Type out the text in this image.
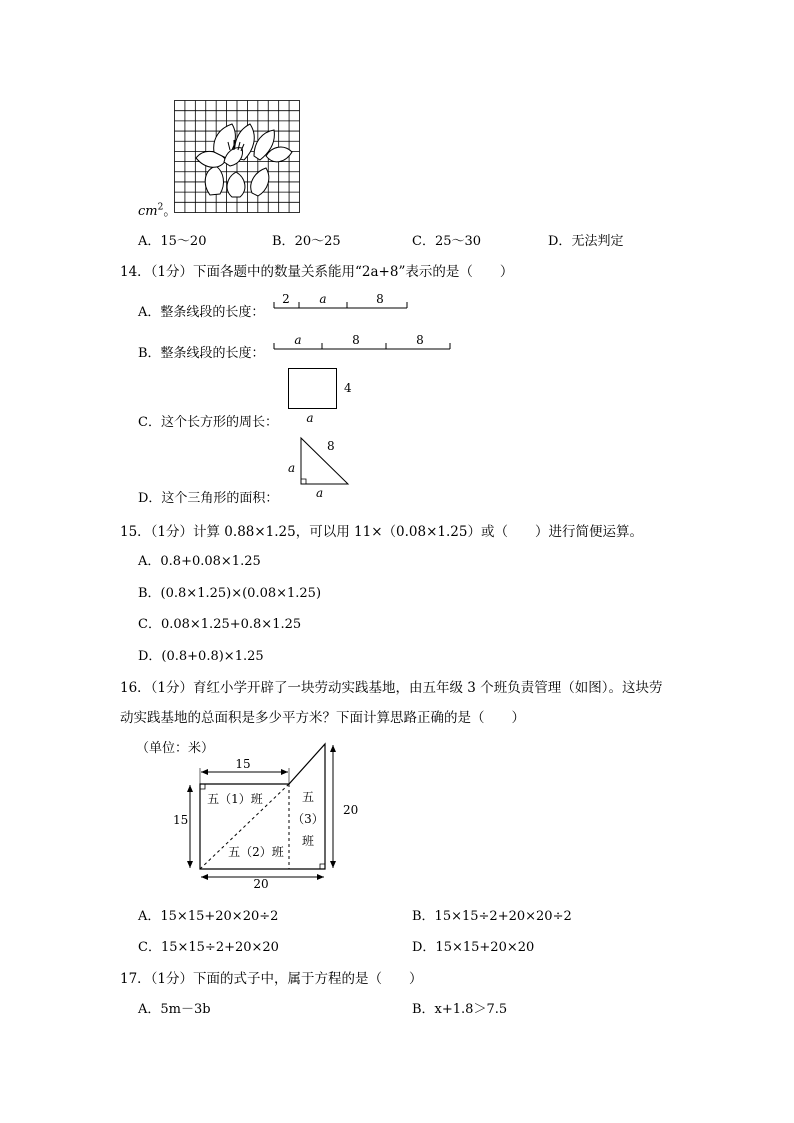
$cm^2$。
A．15～20	B．20～25	C．25～30	D．无法判定
14．（1分）下面各题中的数量关系能用“2a+8”表示的是（　　）
A．整条线段的长度：
2 a	8
B．整条线段的长度：
a	8	8
C．这个长方形的周长：
4
a
D．这个三角形的面积：
8
a
a
15．（1分）计算 0.88×1.25，可以用 11×（0.08×1.25）或（　　）进行简便运算。
A．0.8+0.08×1.25
B．(0.8×1.25)×(0.08×1.25)
C．0.08×1.25+0.8×1.25
D．(0.8+0.8)×1.25
16．（1分）育红小学开辟了一块劳动实践基地，由五年级 3 个班负责管理（如图）。这块劳
动实践基地的总面积是多少平方米？下面计算思路正确的是（　　）
（单位：米）
15
15
20
20
五（1）班
五（2）班
五
（3）
班
A．15×15+20×20÷2	B．15×15÷2+20×20÷2
C．15×15÷2+20×20	D．15×15+20×20
17．（1分）下面的式子中，属于方程的是（　　）
A．5m－3b	B．x+1.8＞7.5
